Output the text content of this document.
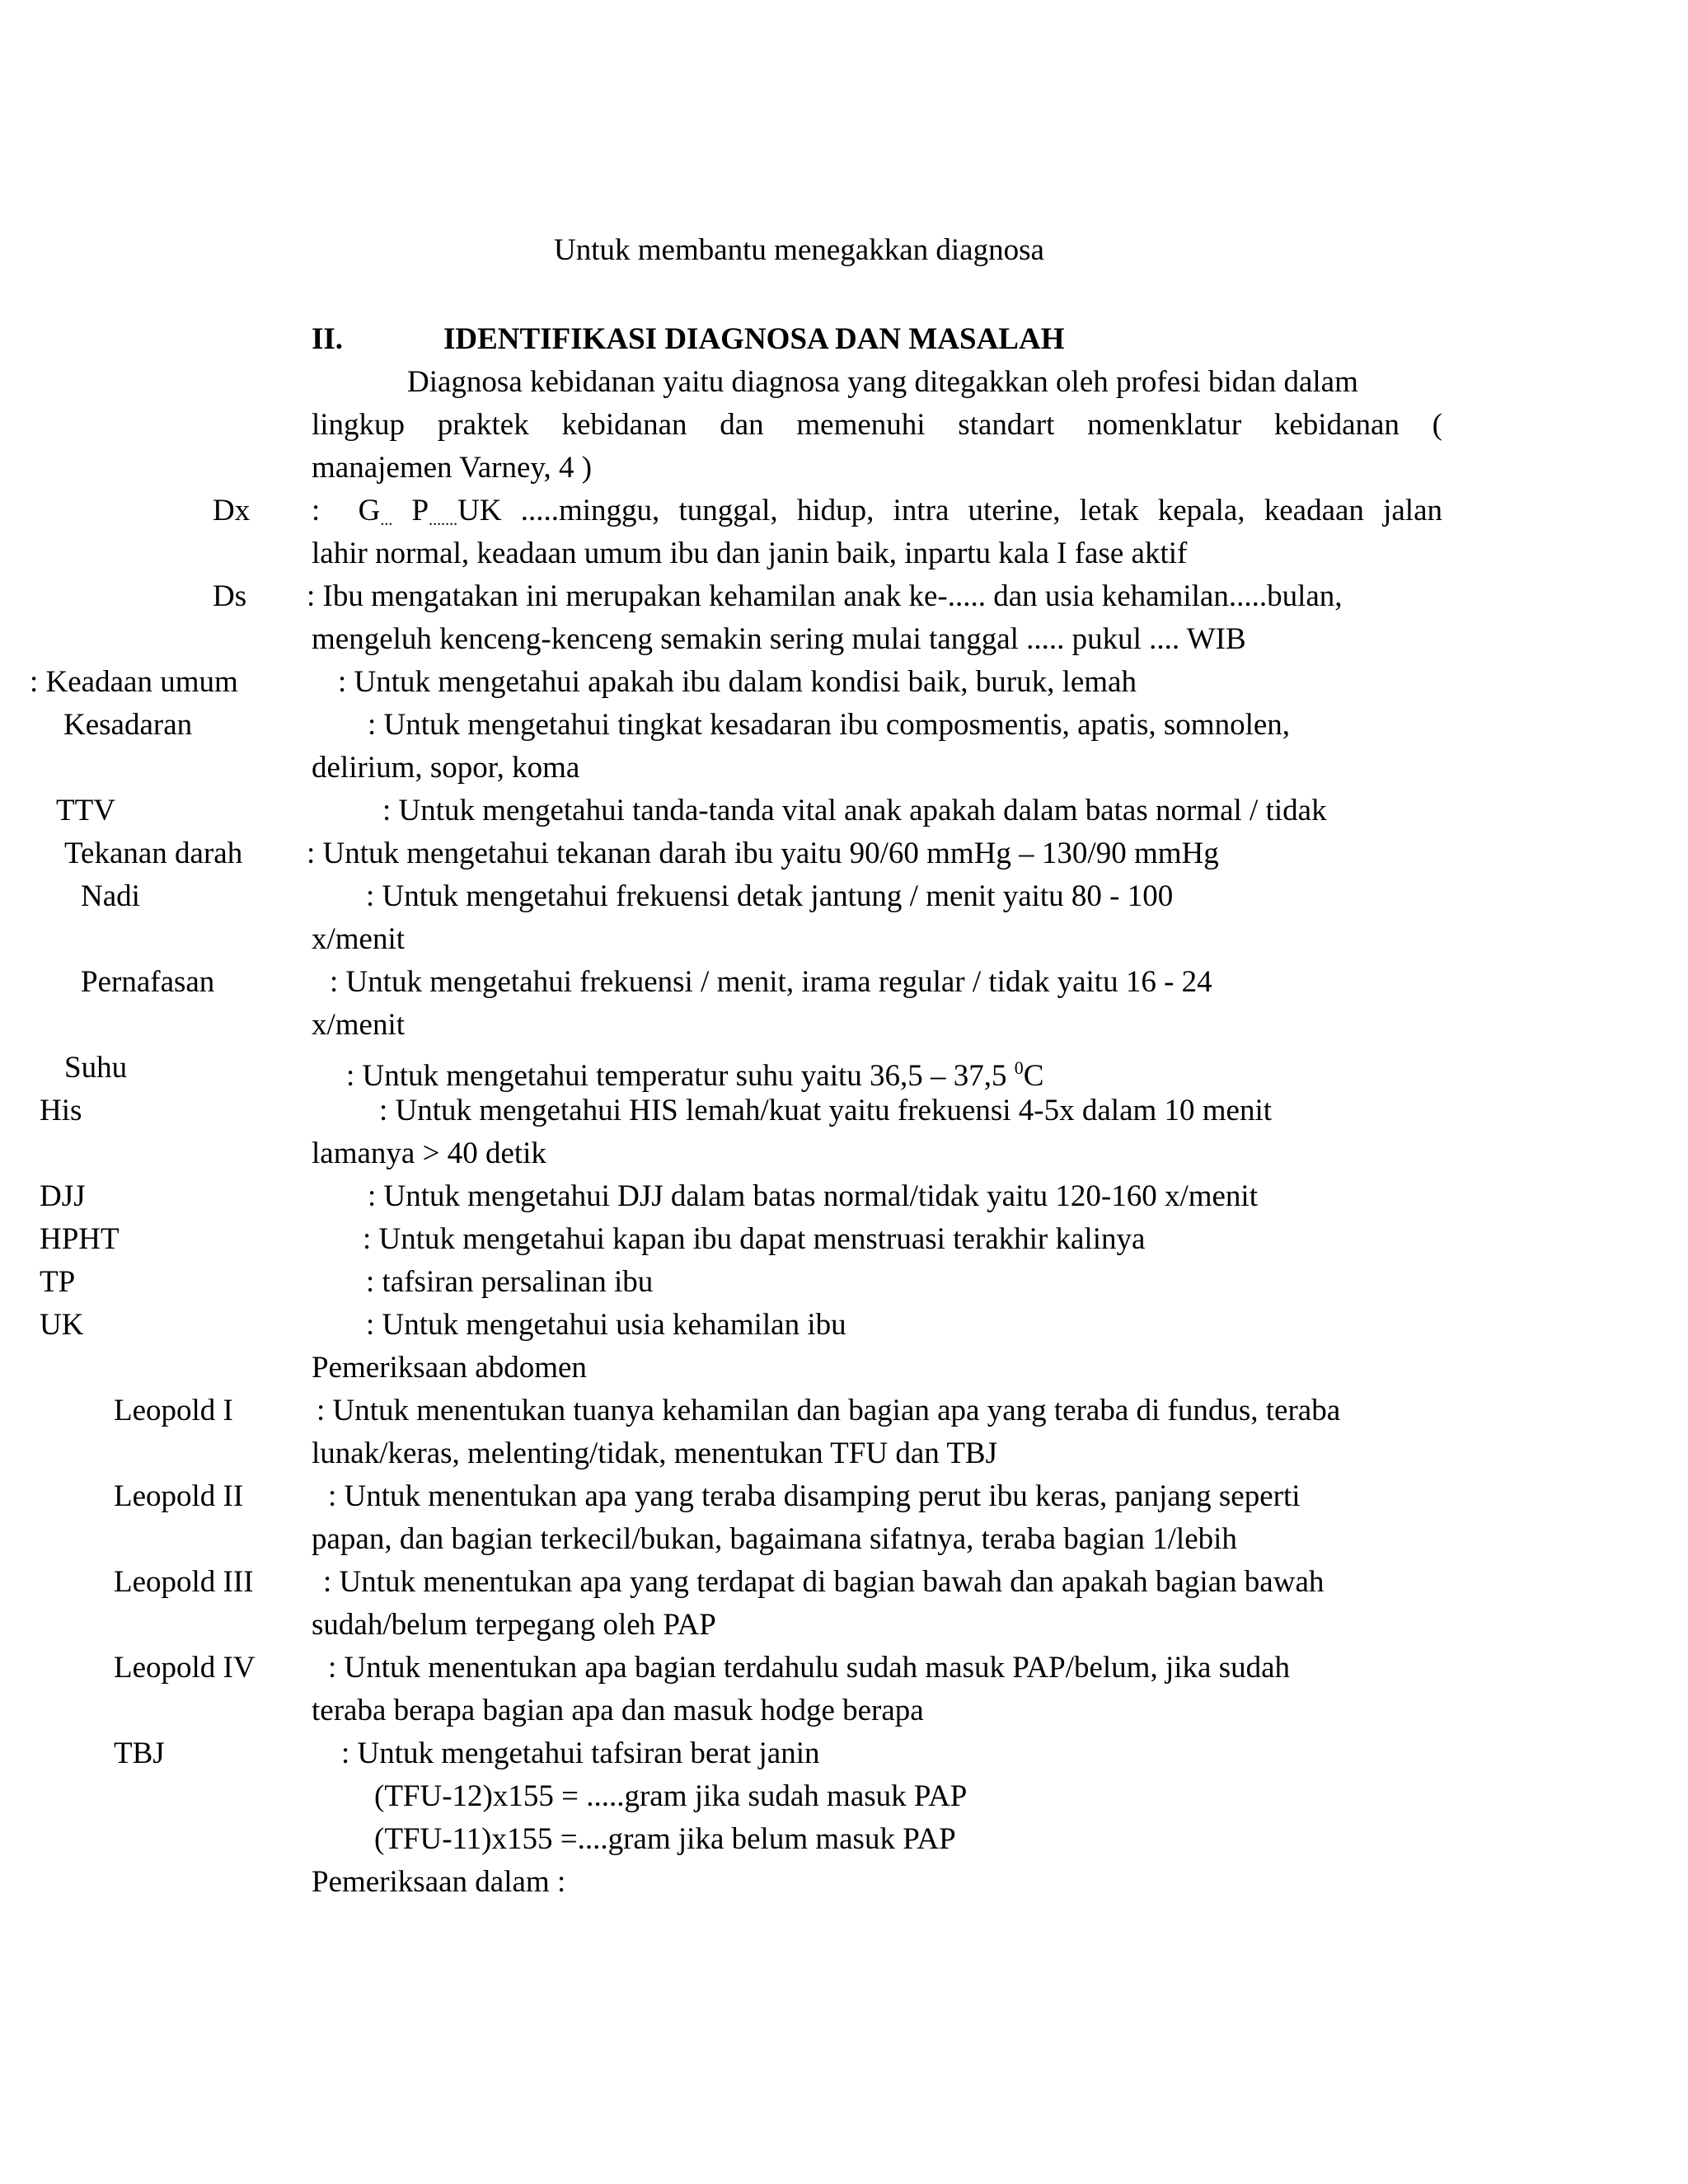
Untuk membantu menegakkan diagnosa
II.	IDENTIFIKASI DIAGNOSA DAN MASALAH
Diagnosa kebidanan yaitu diagnosa yang ditegakkan oleh profesi bidan dalam
lingkup praktek kebidanan dan memenuhi standart nomenklatur kebidanan (
manajemen Varney, 4 )
Dx : $G_{...}$ $P_{.......}UK$ .....minggu, tunggal, hidup, intra uterine, letak kepala, keadaan jalan
lahir normal, keadaan umum ibu dan janin baik, inpartu kala I fase aktif
Ds : Ibu mengatakan ini merupakan kehamilan anak ke-..... dan usia kehamilan.....bulan,
mengeluh kenceng-kenceng semakin sering mulai tanggal ..... pukul .... WIB
: Keadaan umum	: Untuk mengetahui apakah ibu dalam kondisi baik, buruk, lemah
Kesadaran	: Untuk mengetahui tingkat kesadaran ibu composmentis, apatis, somnolen,
delirium, sopor, koma
TTV	: Untuk mengetahui tanda-tanda vital anak apakah dalam batas normal / tidak
Tekanan darah : Untuk mengetahui tekanan darah ibu yaitu 90/60 mmHg – 130/90 mmHg
Nadi	: Untuk mengetahui frekuensi detak jantung / menit yaitu 80 - 100
x/menit
Pernafasan	: Untuk mengetahui frekuensi / menit, irama regular / tidak yaitu 16 - 24
x/menit
Suhu	: Untuk mengetahui temperatur suhu yaitu 36,5 – 37,5 $^0$C
His	: Untuk mengetahui HIS lemah/kuat yaitu frekuensi 4-5x dalam 10 menit
lamanya > 40 detik
DJJ	: Untuk mengetahui DJJ dalam batas normal/tidak yaitu 120-160 x/menit
HPHT	: Untuk mengetahui kapan ibu dapat menstruasi terakhir kalinya
TP	: tafsiran persalinan ibu
UK	: Untuk mengetahui usia kehamilan ibu
Pemeriksaan abdomen
Leopold I	: Untuk menentukan tuanya kehamilan dan bagian apa yang teraba di fundus, teraba
lunak/keras, melenting/tidak, menentukan TFU dan TBJ
Leopold II	: Untuk menentukan apa yang teraba disamping perut ibu keras, panjang seperti
papan, dan bagian terkecil/bukan, bagaimana sifatnya, teraba bagian 1/lebih
Leopold III : Untuk menentukan apa yang terdapat di bagian bawah dan apakah bagian bawah
sudah/belum terpegang oleh PAP
Leopold IV : Untuk menentukan apa bagian terdahulu sudah masuk PAP/belum, jika sudah
teraba berapa bagian apa dan masuk hodge berapa
TBJ	: Untuk mengetahui tafsiran berat janin
(TFU-12)x155 = .....gram jika sudah masuk PAP
(TFU-11)x155 =....gram jika belum masuk PAP
Pemeriksaan dalam :
